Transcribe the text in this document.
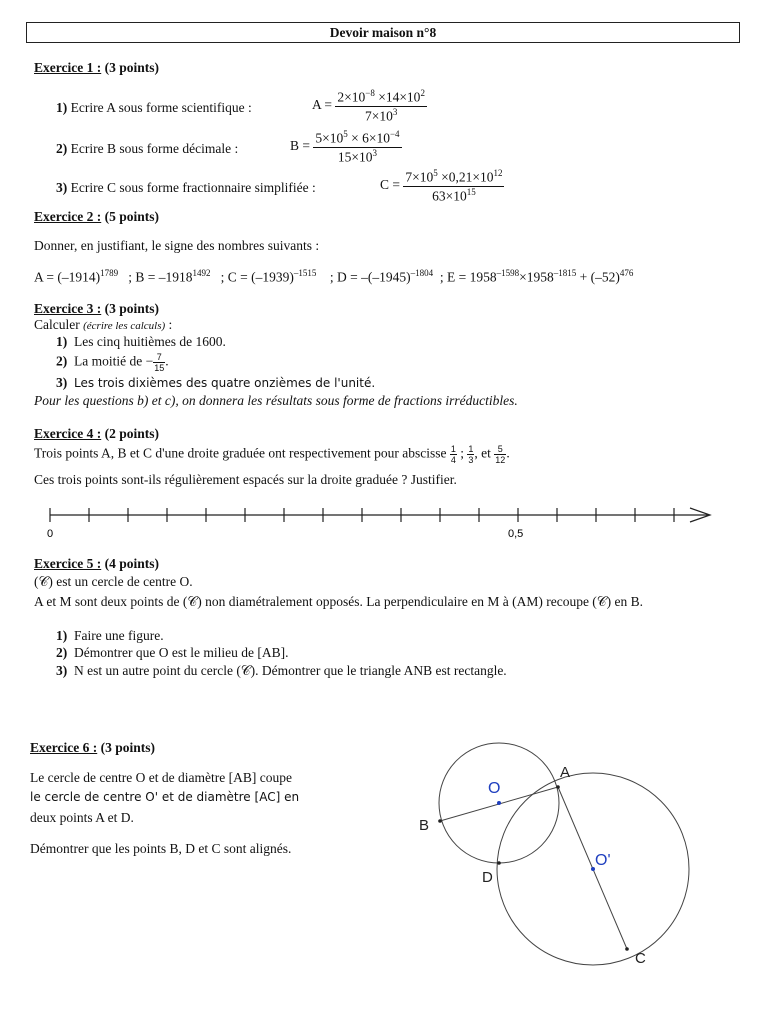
Devoir maison n°8
Exercice 1 : (3 points)
1) Ecrire A sous forme scientifique :	$A = \frac{2\times 10^{-8} \times 14\times 10^2}{7\times 10^3}$
2) Ecrire B sous forme décimale :	$B = \frac{5\times 10^5 \times 6\times 10^{-4}}{15\times 10^3}$
3) Ecrire C sous forme fractionnaire simplifiée :	$C = \frac{7\times 10^5 \times 0,21\times 10^{12}}{63\times 10^{15}}$
Exercice 2 : (5 points)
Donner, en justifiant, le signe des nombres suivants :
$A = (-1914)^{1789}$ ; $B = -1918^{1492}$ ; $C = (-1939)^{-1515}$ ; $D = -(-1945)^{-1804}$ ; $E = 1958^{-1598}\times 1958^{-1815} + (-52)^{476}$
Exercice 3 : (3 points)
Calculer (écrire les calculs) :
1) Les cinq huitièmes de 1600.
2) La moitié de − $\frac{7}{15}$ .
3) Les trois dixièmes des quatre onzièmes de l'unité.
Pour les questions b) et c), on donnera les résultats sous forme de fractions irréductibles.
Exercice 4 : (2 points)
Trois points A, B et C d'une droite graduée ont respectivement pour abscisse $\frac{1}{4}$ ; $\frac{1}{3}$ , et $\frac{5}{12}$ .
Ces trois points sont-ils régulièrement espacés sur la droite graduée ? Justifier.
0	0,5
Exercice 5 : (4 points)
(𝒞) est un cercle de centre O.
A et M sont deux points de (𝒞) non diamétralement opposés. La perpendiculaire en M à (AM) recoupe (𝒞) en B.
1) Faire une figure.
2) Démontrer que O est le milieu de [AB].
3) N est un autre point du cercle (𝒞). Démontrer que le triangle ANB est rectangle.
Exercice 6 : (3 points)
Le cercle de centre O et de diamètre [AB] coupe
le cercle de centre O' et de diamètre [AC] en
deux points A et D.
Démontrer que les points B, D et C sont alignés.
A
B
C
D
O
O'
